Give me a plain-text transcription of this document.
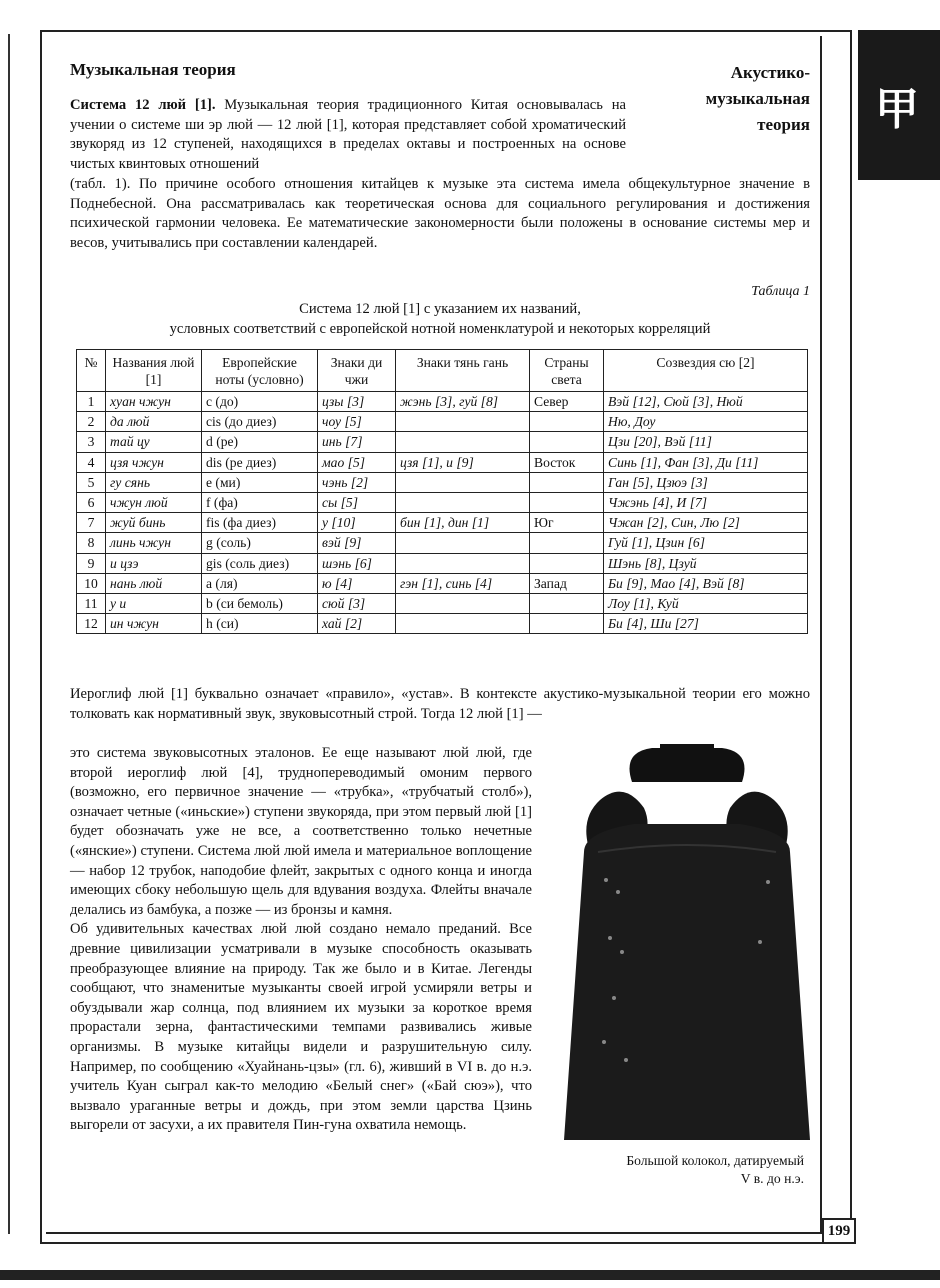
甲
Музыкальная теория	Акустико-
музыкальная
теория
Система 12 люй [1]. Музыкальная теория традиционного Китая основывалась на учении о системе ши эр люй — 12 люй [1], которая представляет собой хроматический звукоряд из 12 ступеней, находящихся в пределах октавы и построенных на основе чистых квинтовых отношений
(табл. 1). По причине особого отношения китайцев к музыке эта система имела общекультурное значение в Поднебесной. Она рассматривалась как теоретическая основа для социального регулирования и достижения психической гармонии человека. Ее математические закономерности были положены в основание системы мер и весов, учитывались при составлении календарей.
Таблица 1
Система 12 люй [1] с указанием их названий,
условных соответствий с европейской нотной номенклатурой и некоторых корреляций
№	Названия люй [1]	Европейские ноты (условно)	Знаки ди чжи	Знаки тянь гань	Страны света	Созвездия сю [2]
1	хуан чжун	c (до)	цзы [3]	жэнь [3], гуй [8]	Север	Вэй [12], Сюй [3], Нюй
2	да люй	cis (до диез)	чоу [5]			Ню, Доу
3	тай цу	d (ре)	инь [7]			Цзи [20], Вэй [11]
4	цзя чжун	dis (ре диез)	мао [5]	цзя [1], и [9]	Восток	Синь [1], Фан [3], Ди [11]
5	гу сянь	e (ми)	чэнь [2]			Ган [5], Цзюэ [3]
6	чжун люй	f (фа)	сы [5]			Чжэнь [4], И [7]
7	жуй бинь	fis (фа диез)	у [10]	бин [1], дин [1]	Юг	Чжан [2], Син, Лю [2]
8	линь чжун	g (соль)	вэй [9]			Гуй [1], Цзин [6]
9	и цзэ	gis (соль диез)	шэнь [6]			Шэнь [8], Цзуй
10	нань люй	a (ля)	ю [4]	гэн [1], синь [4]	Запад	Би [9], Мао [4], Вэй [8]
11	у и	b (си бемоль)	сюй [3]			Лоу [1], Куй
12	ин чжун	h (си)	хай [2]			Би [4], Ши [27]
Иероглиф люй [1] буквально означает «правило», «устав». В контексте акустико-музыкальной теории его можно толковать как нормативный звук, звуковысотный строй. Тогда 12 люй [1] —
это система звуковысотных эталонов. Ее еще называют люй люй, где второй иероглиф люй [4], труднопереводимый омоним первого (возможно, его первичное значение — «трубка», «трубчатый столб»), означает четные («иньские») ступени звукоряда, при этом первый люй [1] будет обозначать уже не все, а соответственно только нечетные («янские») ступени. Система люй люй имела и материальное воплощение — набор 12 трубок, наподобие флейт, закрытых с одного конца и иногда имеющих сбоку небольшую щель для вдувания воздуха. Флейты вначале делались из бамбука, а позже — из бронзы и камня.
Об удивительных качествах люй люй создано немало преданий. Все древние цивилизации усматривали в музыке способность оказывать преобразующее влияние на природу. Так же было и в Китае. Легенды сообщают, что знаменитые музыканты своей игрой усмиряли ветры и обуздывали жар солнца, под влиянием их музыки за короткое время прорастали зерна, фантастическими темпами развивались живые организмы. В музыке китайцы видели и разрушительную силу. Например, по сообщению «Хуайнань-цзы» (гл. 6), живший в VI в. до н.э. учитель Куан сыграл как-то мелодию «Белый снег» («Бай сюэ»), что вызвало ураганные ветры и дождь, при этом земли царства Цзинь выгорели от засухи, а их правителя Пин-гуна охватила немощь.
Большой колокол, датируемый
V в. до н.э.
199
